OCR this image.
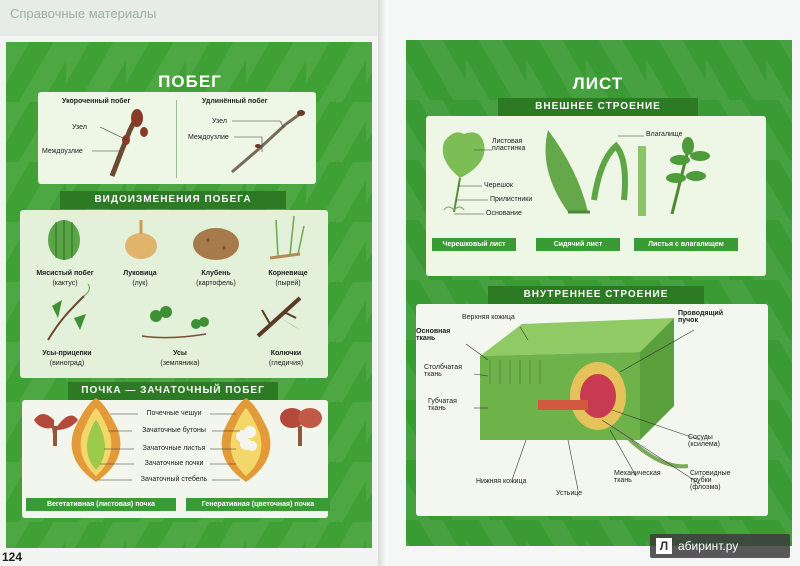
Справочные материалы
ПОБЕГ
Укороченный побег
Узел
Междоузлие
Удлинённый побег
Узел
Междоузлие
ВИДОИЗМЕНЕНИЯ ПОБЕГА
Мясистый побег
(кактус)
Луковица
(лук)
Клубень
(картофель)
Корневище
(пырей)
Усы-прицепки
(виноград)
Усы
(земляника)
Колючки
(гледичия)
ПОЧКА — ЗАЧАТОЧНЫЙ ПОБЕГ
Почечные чешуи
Зачаточные бутоны
Зачаточные листья
Зачаточные почки
Зачаточный стебель
Вегетативная (листовая) почка	Генеративная (цветочная) почка
124
ЛИСТ
ВНЕШНЕЕ СТРОЕНИЕ
Листовая пластинка
Черешок
Прилистники
Основание
Влагалище
Черешковый лист	Сидячий лист	Листья с влагалищем
ВНУТРЕННЕЕ СТРОЕНИЕ
Верхняя кожица
Основная ткань
Столбчатая ткань
Губчатая ткань
Проводящий пучок
Сосуды (ксилема)
Ситовидные трубки (флоэма)
Механическая ткань
Устьице
Нижняя кожица
Л абиринт.ру
